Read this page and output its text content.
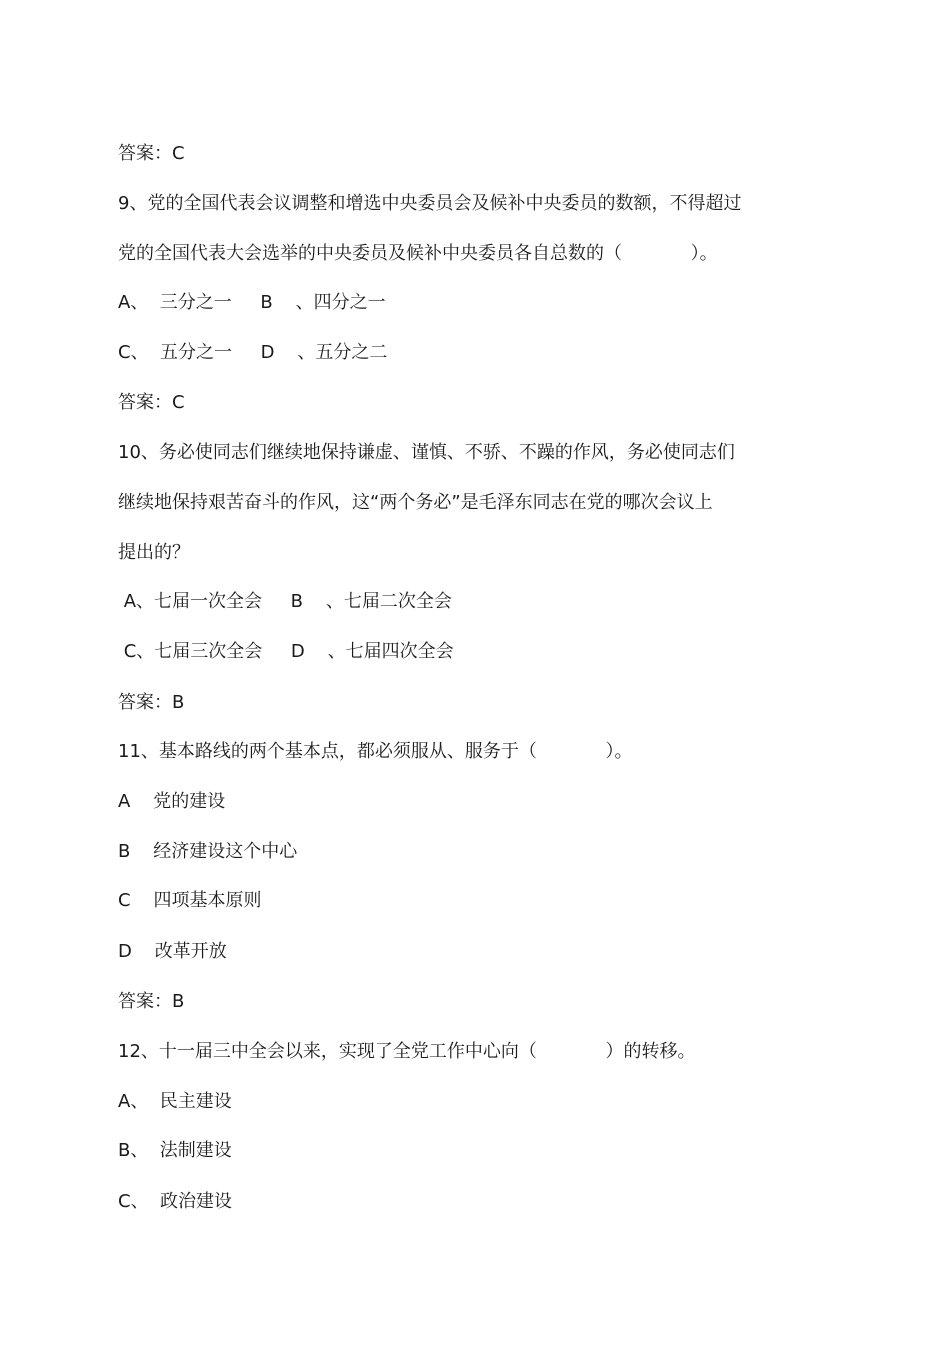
答案：C
9、党的全国代表会议调整和增选中央委员会及候补中央委员的数额，不得超过
党的全国代表大会选举的中央委员及候补中央委员各自总数的（            ）。
A、  三分之一     B    、四分之一
C、  五分之一     D    、五分之二
答案：C
10、务必使同志们继续地保持谦虚、谨慎、不骄、不躁的作风，务必使同志们
继续地保持艰苦奋斗的作风，这“两个务必”是毛泽东同志在党的哪次会议上
提出的？
A、七届一次全会     B    、七届二次全会
C、七届三次全会     D    、七届四次全会
答案：B
11、基本路线的两个基本点，都必须服从、服务于（            ）。
A    党的建设
B    经济建设这个中心
C    四项基本原则
D    改革开放
答案：B
12、十一届三中全会以来，实现了全党工作中心向（            ）的转移。
A、  民主建设
B、  法制建设
C、  政治建设
